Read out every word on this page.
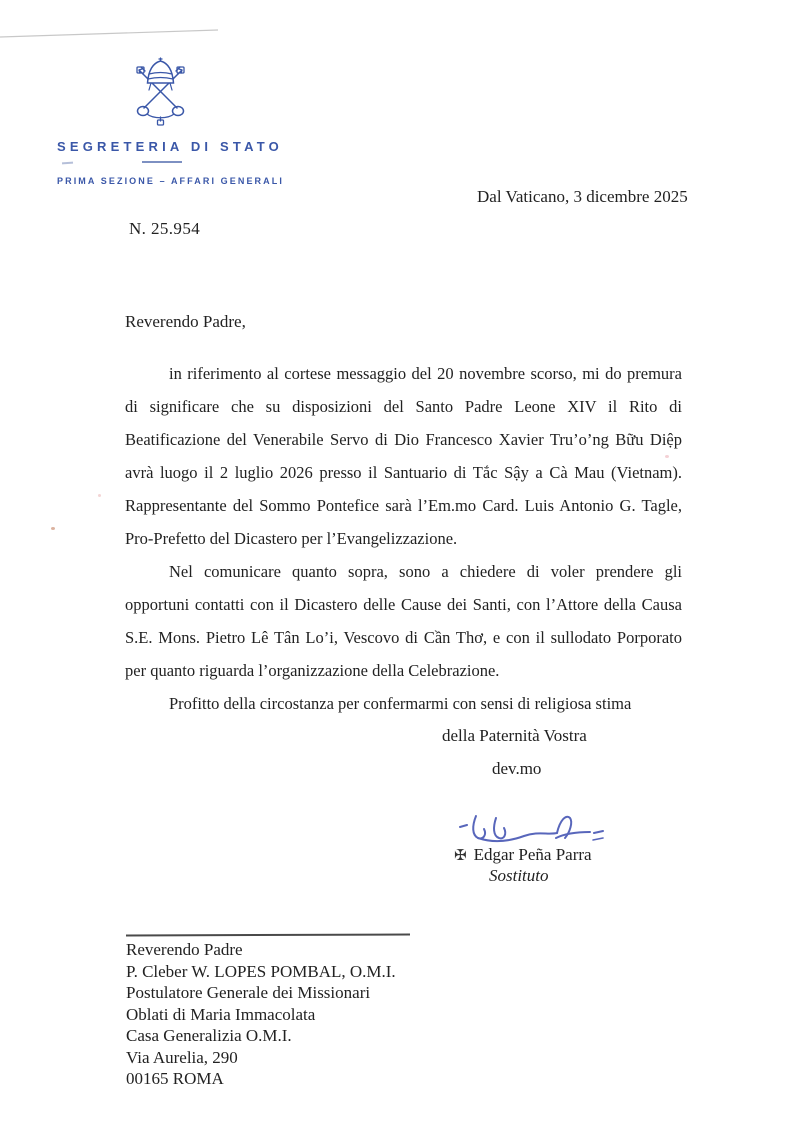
SEGRETERIA DI STATO
PRIMA SEZIONE – AFFARI GENERALI
Dal Vaticano, 3 dicembre 2025
N. 25.954
Reverendo Padre,
in riferimento al cortese messaggio del 20 novembre scorso, mi do premura
di significare che su disposizioni del Santo Padre Leone XIV il Rito di
Beatificazione del Venerabile Servo di Dio Francesco Xavier Tru’o’ng Bữu Diệp
avrà luogo il 2 luglio 2026 presso il Santuario di Tắc Sậy a Cà Mau (Vietnam).
Rappresentante del Sommo Pontefice sarà l’Em.mo Card. Luis Antonio G. Tagle,
Pro-Prefetto del Dicastero per l’Evangelizzazione.
Nel comunicare quanto sopra, sono a chiedere di voler prendere gli
opportuni contatti con il Dicastero delle Cause dei Santi, con l’Attore della Causa
S.E. Mons. Pietro Lê Tân Lo’i, Vescovo di Cần Thơ, e con il sullodato Porporato
per quanto riguarda l’organizzazione della Celebrazione.
Profitto della circostanza per confermarmi con sensi di religiosa stima
della Paternità Vostra
dev.mo
✠ Edgar Peña Parra
Sostituto
Reverendo Padre
P. Cleber W. LOPES POMBAL, O.M.I.
Postulatore Generale dei Missionari
Oblati di Maria Immacolata
Casa Generalizia O.M.I.
Via Aurelia, 290
00165 ROMA
